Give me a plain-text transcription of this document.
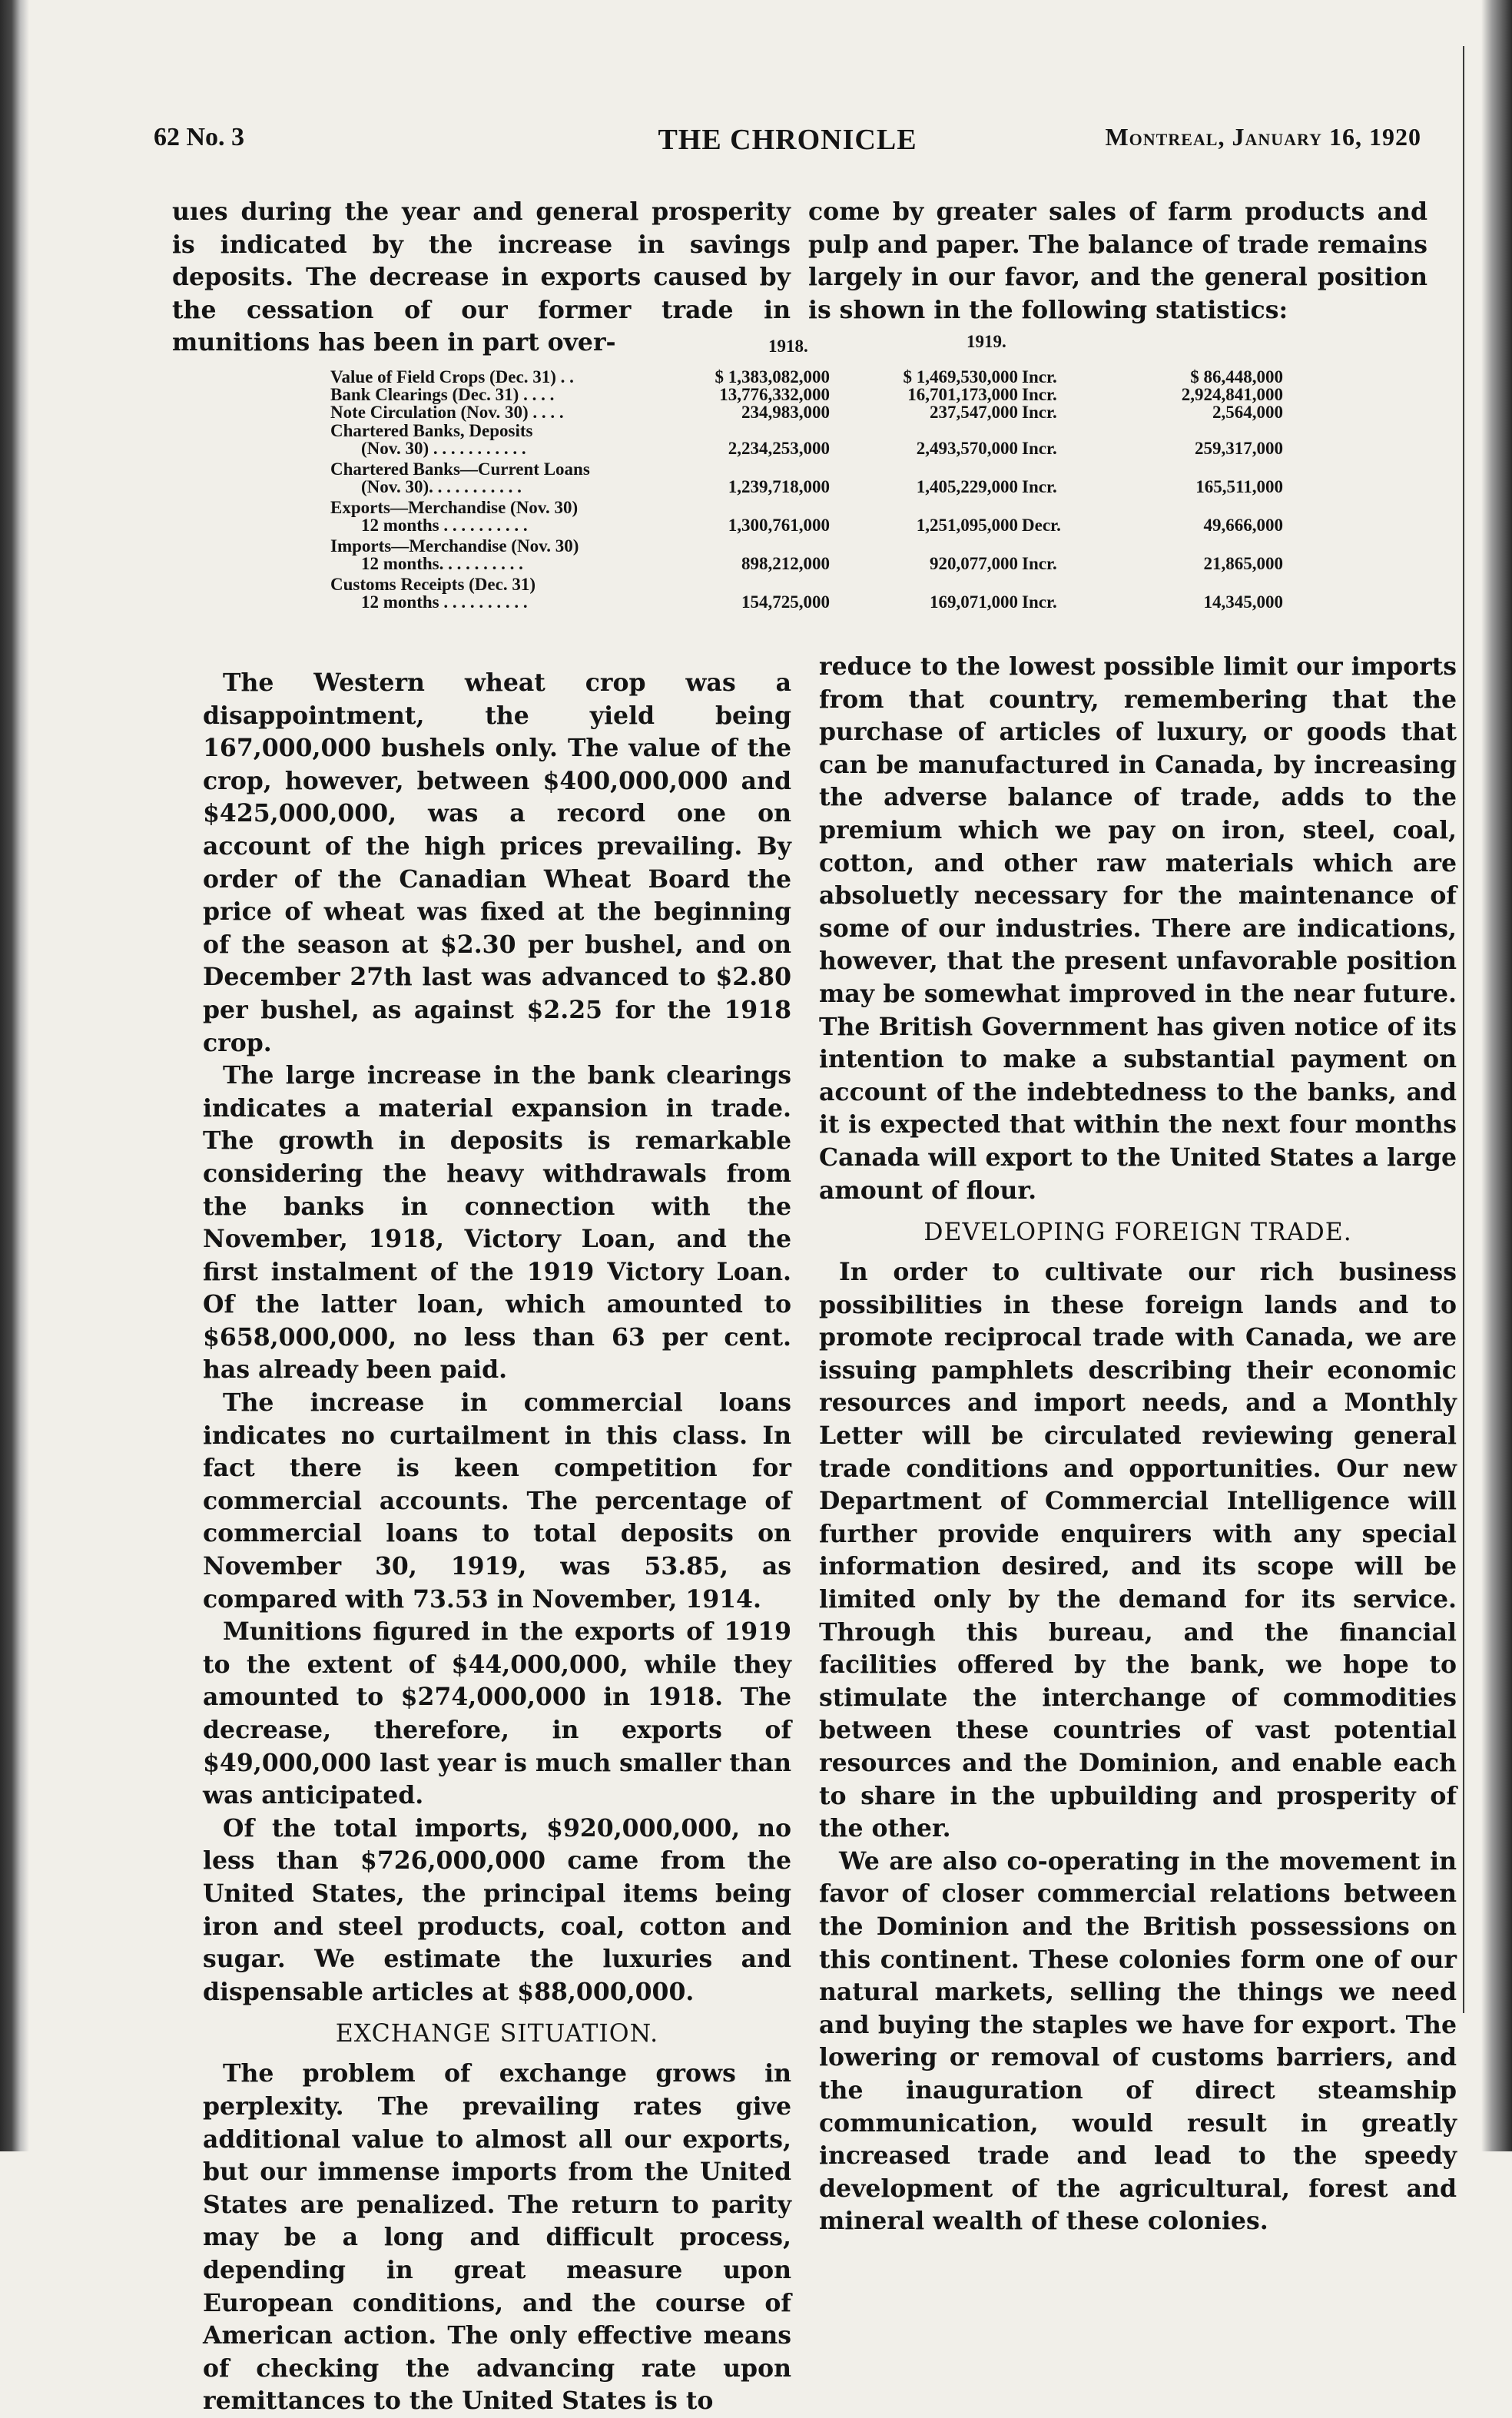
62 No. 3	THE CHRONICLE	Montreal, January 16, 1920

uıes during the year and general prosperity is indicated by the increase in savings deposits. The decrease in exports caused by the cessation of our former trade in munitions has been in part over-

come by greater sales of farm products and pulp and paper. The balance of trade remains largely in our favor, and the general position is shown in the following statistics:

1918.	1919.
Value of Field Crops (Dec. 31) . .	$ 1,383,082,000	$ 1,469,530,000 Incr.	$ 86,448,000
Bank Clearings (Dec. 31) . . . .	13,776,332,000	16,701,173,000 Incr.	2,924,841,000
Note Circulation (Nov. 30) . . . .	234,983,000	237,547,000 Incr.	2,564,000
Chartered Banks, Deposits
(Nov. 30) . . . . . . . . . . .	2,234,253,000	2,493,570,000 Incr.	259,317,000
Chartered Banks—Current Loans
(Nov. 30). . . . . . . . . . .	1,239,718,000	1,405,229,000 Incr.	165,511,000
Exports—Merchandise (Nov. 30)
12 months . . . . . . . . . .	1,300,761,000	1,251,095,000 Decr.	49,666,000
Imports—Merchandise (Nov. 30)
12 months. . . . . . . . . .	898,212,000	920,077,000 Incr.	21,865,000
Customs Receipts (Dec. 31)
12 months . . . . . . . . . .	154,725,000	169,071,000 Incr.	14,345,000

The Western wheat crop was a disappointment, the yield being 167,000,000 bushels only. The value of the crop, however, between $400,000,000 and $425,000,000, was a record one on account of the high prices prevailing. By order of the Canadian Wheat Board the price of wheat was fixed at the beginning of the season at $2.30 per bushel, and on December 27th last was advanced to $2.80 per bushel, as against $2.25 for the 1918 crop.

The large increase in the bank clearings indicates a material expansion in trade. The growth in deposits is remarkable considering the heavy withdrawals from the banks in connection with the November, 1918, Victory Loan, and the first instalment of the 1919 Victory Loan. Of the latter loan, which amounted to $658,000,000, no less than 63 per cent. has already been paid.

The increase in commercial loans indicates no curtailment in this class. In fact there is keen competition for commercial accounts. The percentage of commercial loans to total deposits on November 30, 1919, was 53.85, as compared with 73.53 in November, 1914.

Munitions figured in the exports of 1919 to the extent of $44,000,000, while they amounted to $274,000,000 in 1918. The decrease, therefore, in exports of $49,000,000 last year is much smaller than was anticipated.

Of the total imports, $920,000,000, no less than $726,000,000 came from the United States, the principal items being iron and steel products, coal, cotton and sugar. We estimate the luxuries and dispensable articles at $88,000,000.

EXCHANGE SITUATION.

The problem of exchange grows in perplexity. The prevailing rates give additional value to almost all our exports, but our immense imports from the United States are penalized. The return to parity may be a long and difficult process, depending in great measure upon European conditions, and the course of American action. The only effective means of checking the advancing rate upon remittances to the United States is to

reduce to the lowest possible limit our imports from that country, remembering that the purchase of articles of luxury, or goods that can be manufactured in Canada, by increasing the adverse balance of trade, adds to the premium which we pay on iron, steel, coal, cotton, and other raw materials which are absoluetly necessary for the maintenance of some of our industries. There are indications, however, that the present unfavorable position may be somewhat improved in the near future. The British Government has given notice of its intention to make a substantial payment on account of the indebtedness to the banks, and it is expected that within the next four months Canada will export to the United States a large amount of flour.

DEVELOPING FOREIGN TRADE.

In order to cultivate our rich business possibilities in these foreign lands and to promote reciprocal trade with Canada, we are issuing pamphlets describing their economic resources and import needs, and a Monthly Letter will be circulated reviewing general trade conditions and opportunities. Our new Department of Commercial Intelligence will further provide enquirers with any special information desired, and its scope will be limited only by the demand for its service. Through this bureau, and the financial facilities offered by the bank, we hope to stimulate the interchange of commodities between these countries of vast potential resources and the Dominion, and enable each to share in the upbuilding and prosperity of the other.

We are also co-operating in the movement in favor of closer commercial relations between the Dominion and the British possessions on this continent. These colonies form one of our natural markets, selling the things we need and buying the staples we have for export. The lowering or removal of customs barriers, and the inauguration of direct steamship communication, would result in greatly increased trade and lead to the speedy development of the agricultural, forest and mineral wealth of these colonies.
